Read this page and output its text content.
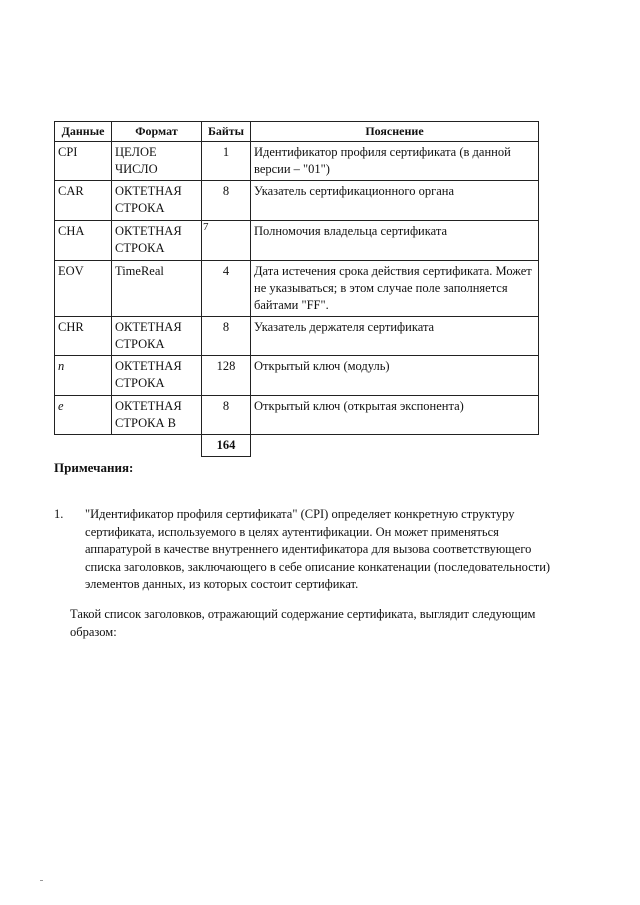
Данные	Формат	Байты	Пояснение
CPI	ЦЕЛОЕ ЧИСЛО	1	Идентификатор профиля сертификата (в данной версии – "01")
CAR	ОКТЕТНАЯ СТРОКА	8	Указатель сертификационного органа
CHA	ОКТЕТНАЯ СТРОКА	7	Полномочия владельца сертификата
EOV	TimeReal	4	Дата истечения срока действия сертификата. Может не указываться; в этом случае поле заполняется байтами "FF".
CHR	ОКТЕТНАЯ СТРОКА	8	Указатель держателя сертификата
n	ОКТЕТНАЯ СТРОКА	128	Открытый ключ (модуль)
e	ОКТЕТНАЯ СТРОКА В	8	Открытый ключ (открытая экспонента)
		164	

Примечания:

1. "Идентификатор профиля сертификата" (CPI) определяет конкретную структуру сертификата, используемого в целях аутентификации. Он может применяться аппаратурой в качестве внутреннего идентификатора для вызова соответствующего списка заголовков, заключающего в себе описание конкатенации (последовательности) элементов данных, из которых состоит сертификат.
Такой список заголовков, отражающий содержание сертификата, выглядит следующим образом:
